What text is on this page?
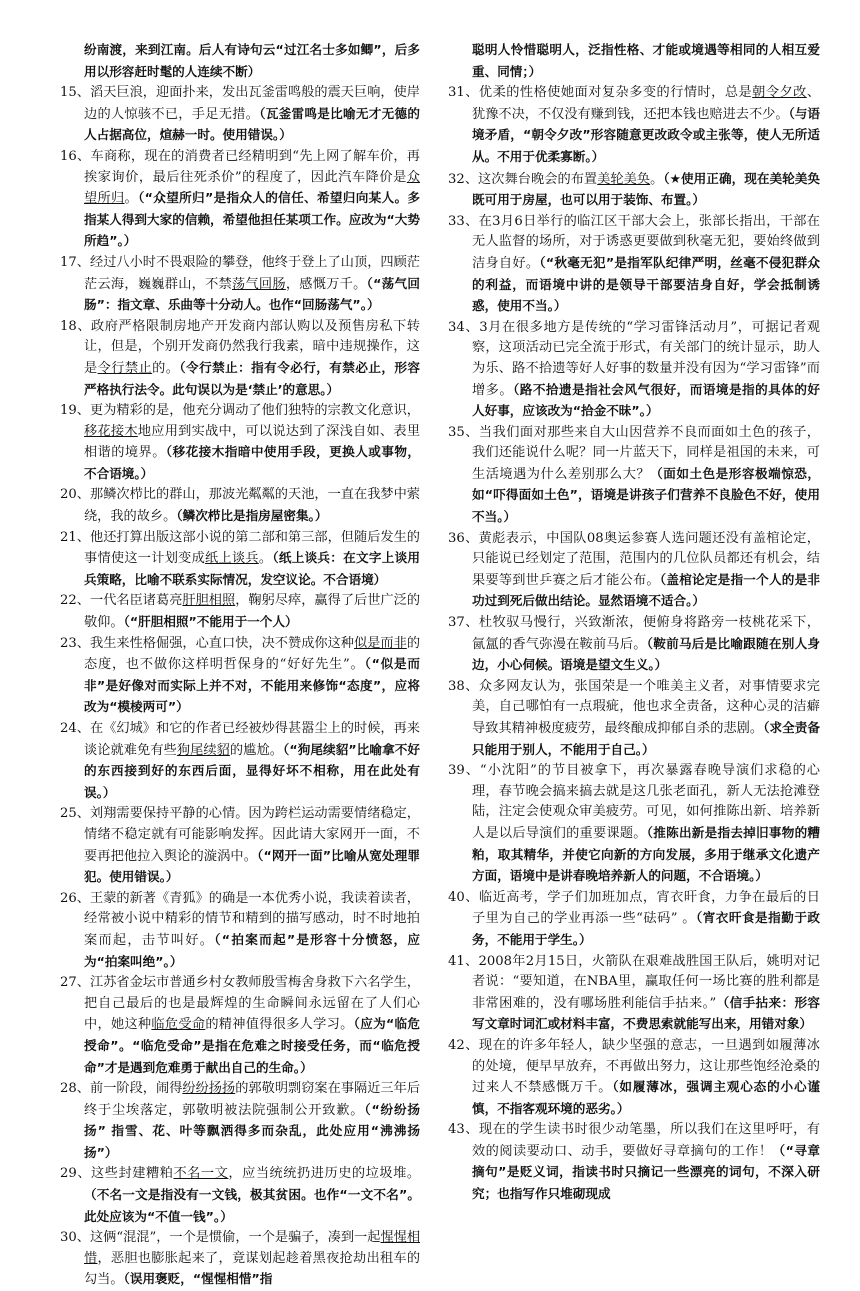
纷南渡，来到江南。后人有诗句云“过江名士多如鲫”，后多用以形容赶时髦的人连续不断）
15、滔天巨浪，迎面扑来，发出瓦釜雷鸣般的震天巨响，使岸边的人惊骇不已，手足无措。（瓦釜雷鸣是比喻无才无德的人占据高位，煊赫一时。使用错误。）
16、车商称，现在的消费者已经精明到“先上网了解车价，再挨家询价，最后往死杀价”的程度了，因此汽车降价是众望所归。（“众望所归”是指众人的信任、希望归向某人。多指某人得到大家的信赖，希望他担任某项工作。应改为“大势所趋”。）
17、经过八小时不畏艰险的攀登，他终于登上了山顶，四顾茫茫云海，巍巍群山，不禁荡气回肠，感慨万千。（“荡气回肠”：指文章、乐曲等十分动人。也作“回肠荡气”。）
18、政府严格限制房地产开发商内部认购以及预售房私下转让，但是，个别开发商仍然我行我素，暗中违规操作，这是令行禁止的。（令行禁止：指有令必行，有禁必止，形容严格执行法令。此句误以为是‘禁止’的意思。）
19、更为精彩的是，他充分调动了他们独特的宗教文化意识，移花接木地应用到实战中，可以说达到了深浅自如、表里相谐的境界。（移花接木指暗中使用手段，更换人或事物，不合语境。）
20、那鳞次栉比的群山，那波光粼粼的天池，一直在我梦中萦绕，我的故乡。（鳞次栉比是指房屋密集。）
21、他还打算出版这部小说的第二部和第三部，但随后发生的事情使这一计划变成纸上谈兵。（纸上谈兵：在文字上谈用兵策略，比喻不联系实际情况，发空议论。不合语境）
22、一代名臣诸葛亮肝胆相照，鞠躬尽瘁，赢得了后世广泛的敬仰。（“肝胆相照”不能用于一个人）
23、我生来性格倔强，心直口快，决不赞成你这种似是而非的态度，也不做你这样明哲保身的“好好先生”。（“似是而非”是好像对而实际上并不对，不能用来修饰“态度”，应将改为“模棱两可”）
24、在《幻城》和它的作者已经被炒得甚嚣尘上的时候，再来谈论就难免有些狗尾续貂的尴尬。（“狗尾续貂”比喻拿不好的东西接到好的东西后面，显得好坏不相称，用在此处有误。）
25、刘翔需要保持平静的心情。因为跨栏运动需要情绪稳定，情绪不稳定就有可能影响发挥。因此请大家网开一面，不要再把他拉入舆论的漩涡中。（“网开一面”比喻从宽处理罪犯。使用错误。）
26、王蒙的新著《青狐》的确是一本优秀小说，我读着读者，经常被小说中精彩的情节和精到的描写感动，时不时地拍案而起，击节叫好。（“拍案而起”是形容十分愤怒，应为“拍案叫绝”。）
27、江苏省金坛市普通乡村女教师殷雪梅舍身救下六名学生，把自己最后的也是最辉煌的生命瞬间永远留在了人们心中，她这种临危受命的精神值得很多人学习。（应为“临危授命”。“临危受命”是指在危难之时接受任务，而“临危授命”才是遇到危难勇于献出自己的生命。）
28、前一阶段，闹得纷纷扬扬的郭敬明剽窃案在事隔近三年后终于尘埃落定，郭敬明被法院强制公开致歉。（“纷纷扬扬” 指雪、花、叶等飘洒得多而杂乱，此处应用“沸沸扬扬”）
29、这些封建糟粕不名一文，应当统统扔进历史的垃圾堆。（不名一文是指没有一文钱，极其贫困。也作“一文不名”。此处应该为“不值一钱”。）
30、这俩“混混”，一个是惯偷，一个是骗子，凑到一起惺惺相惜，恶胆也膨胀起来了，竟谋划起趁着黑夜抢劫出租车的勾当。（误用褒贬，“惺惺相惜”指
聪明人怜惜聪明人，泛指性格、才能或境遇等相同的人相互爱重、同情；）
31、优柔的性格使她面对复杂多变的行情时，总是朝令夕改、犹豫不决，不仅没有赚到钱，还把本钱也赔进去不少。（与语境矛盾，“朝令夕改”形容随意更改政令或主张等，使人无所适从。不用于优柔寡断。）
32、这次舞台晚会的布置美轮美奂。（★使用正确，现在美轮美奂既可用于房屋，也可以用于装饰、布置。）
33、在3月6日举行的临江区干部大会上，张部长指出，干部在无人监督的场所，对于诱惑更要做到秋毫无犯，要始终做到洁身自好。（“秋毫无犯”是指军队纪律严明，丝毫不侵犯群众的利益，而语境中讲的是领导干部要洁身自好，学会抵制诱惑，使用不当。）
34、3月在很多地方是传统的“学习雷锋活动月”，可据记者观察，这项活动已完全流于形式，有关部门的统计显示，助人为乐、路不拾遗等好人好事的数量并没有因为“学习雷锋”而增多。（路不拾遗是指社会风气很好，而语境是指的具体的好人好事，应该改为“拾金不昧”。）
35、当我们面对那些来自大山因营养不良而面如土色的孩子，我们还能说什么呢？同一片蓝天下，同样是祖国的未来，可生活境遇为什么差别那么大？（面如土色是形容极端惊恐，如“吓得面如土色”，语境是讲孩子们营养不良脸色不好，使用不当。）
36、黄彪表示，中国队08奥运参赛人选问题还没有盖棺论定，只能说已经划定了范围，范围内的几位队员都还有机会，结果要等到世乒赛之后才能公布。（盖棺论定是指一个人的是非功过到死后做出结论。显然语境不适合。）
37、杜牧驭马慢行，兴致渐浓，便俯身将路旁一枝桃花采下，氤氲的香气弥漫在鞍前马后。（鞍前马后是比喻跟随在别人身边，小心伺候。语境是望文生义。）
38、众多网友认为，张国荣是一个唯美主义者，对事情要求完美，自己哪怕有一点瑕疵，他也求全责备，这种心灵的洁癖导致其精神极度疲劳，最终酿成抑郁自杀的悲剧。（求全责备只能用于别人，不能用于自己。）
39、“小沈阳”的节目被拿下，再次暴露春晚导演们求稳的心理，春节晚会搞来搞去就是这几张老面孔，新人无法抢滩登陆，注定会使观众审美疲劳。可见，如何推陈出新、培养新人是以后导演们的重要课题。（推陈出新是指去掉旧事物的糟粕，取其精华，并使它向新的方向发展，多用于继承文化遗产方面，语境中是讲春晚培养新人的问题，不合语境。）
40、临近高考，学子们加班加点，宵衣旰食，力争在最后的日子里为自己的学业再添一些“砝码” 。（宵衣旰食是指勤于政务，不能用于学生。）
41、2008年2月15日，火箭队在艰难战胜国王队后，姚明对记者说：“要知道，在NBA里，赢取任何一场比赛的胜利都是非常困难的，没有哪场胜利能信手拈来。”（信手拈来：形容写文章时词汇或材料丰富，不费思索就能写出来，用错对象）
42、现在的许多年轻人，缺少坚强的意志，一旦遇到如履薄冰的处境，便早早放弃，不再做出努力，这让那些饱经沧桑的过来人不禁感慨万千。（如履薄冰，强调主观心态的小心谨慎，不指客观环境的恶劣。）
43、现在的学生读书时很少动笔墨，所以我们在这里呼吁，有效的阅读要动口、动手，要做好寻章摘句的工作！（“寻章摘句”是贬义词，指读书时只摘记一些漂亮的词句，不深入研究；也指写作只堆砌现成
